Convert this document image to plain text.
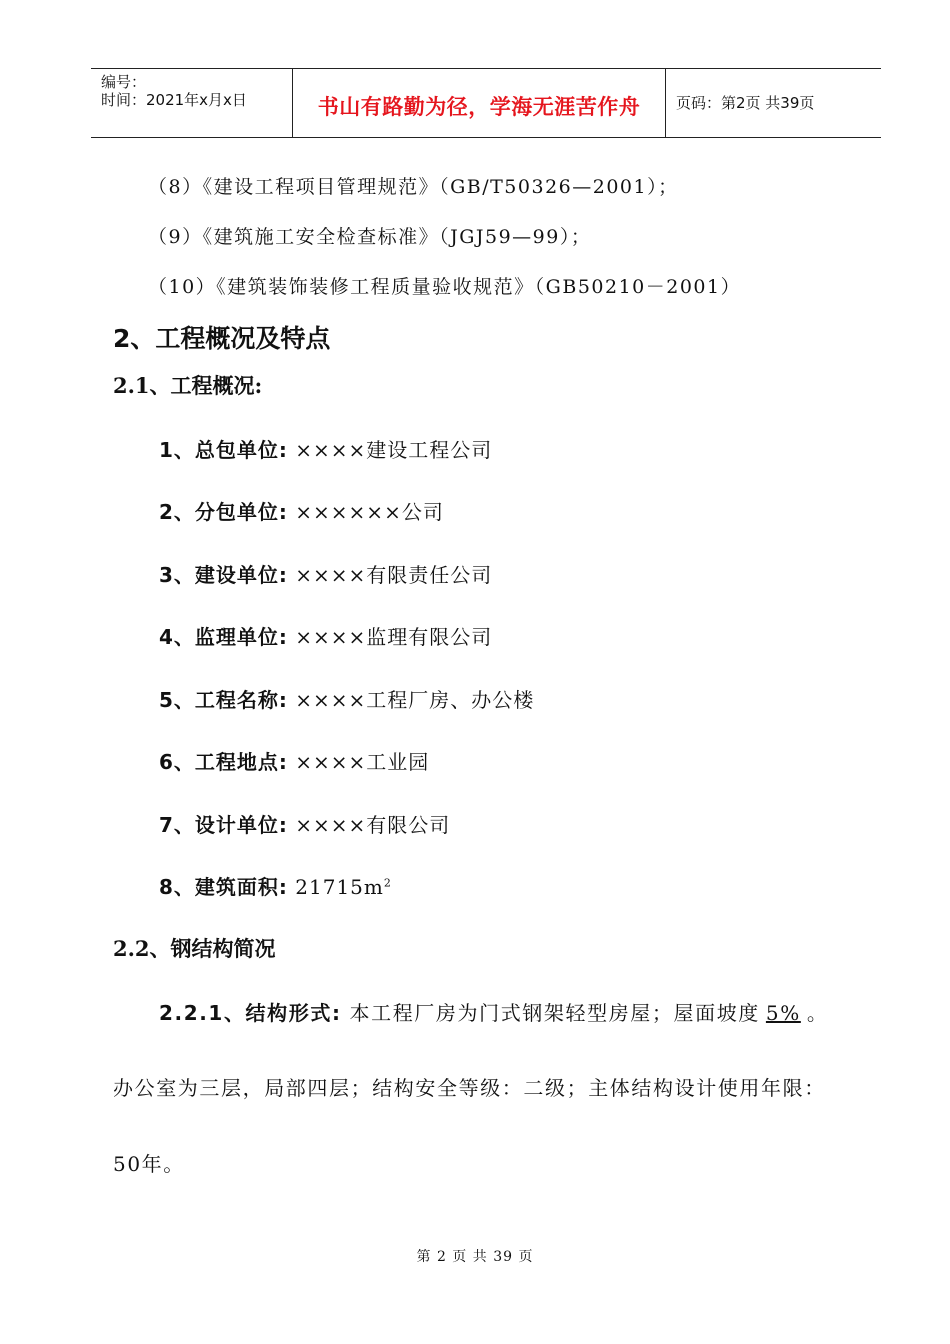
编号：
时间：2021年x月x日	书山有路勤为径，学海无涯苦作舟	页码：第2页 共39页
（8）《建设工程项目管理规范》（GB/T50326—2001）；
（9）《建筑施工安全检查标准》（JGJ59—99）；
（10）《建筑装饰装修工程质量验收规范》（GB50210－2001）
2、工程概况及特点
2.1、工程概况:
1、总包单位: ××××建设工程公司
2、分包单位: ××××××公司
3、建设单位: ××××有限责任公司
4、监理单位: ××××监理有限公司
5、工程名称: ××××工程厂房、办公楼
6、工程地点: ××××工业园
7、设计单位: ××××有限公司
8、建筑面积: $21715m^2$
2.2、钢结构简况
2.2.1、结构形式: 本工程厂房为门式钢架轻型房屋；屋面坡度 5% 。
办公室为三层，局部四层；结构安全等级：二级；主体结构设计使用年限：
50年。
第 2 页 共 39 页
